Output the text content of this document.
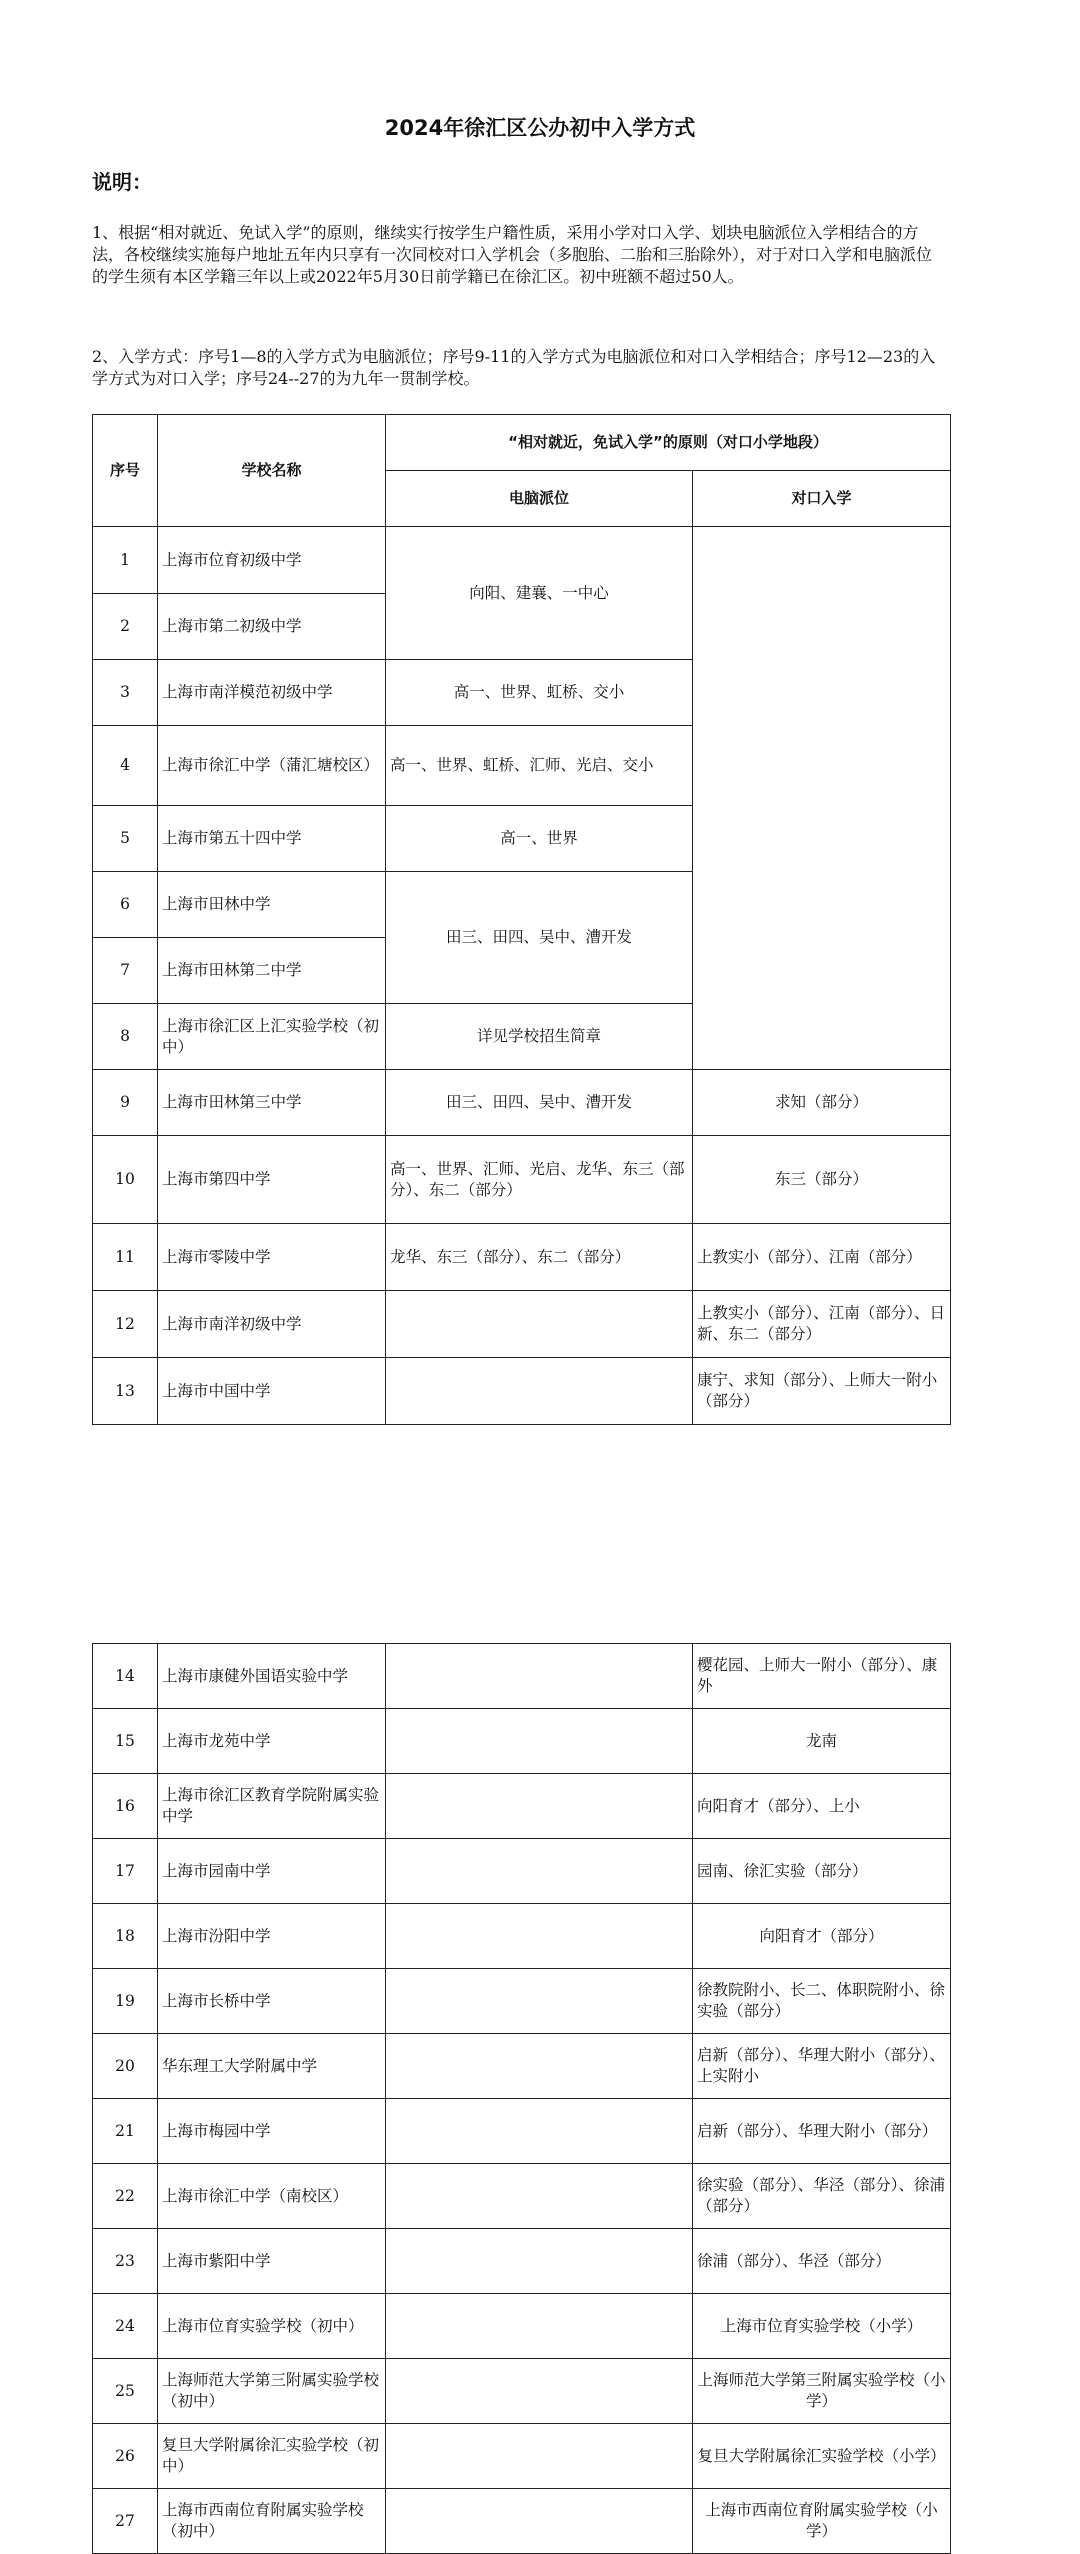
2024年徐汇区公办初中入学方式
说明：
1、根据“相对就近、免试入学”的原则，继续实行按学生户籍性质，采用小学对口入学、划块电脑派位入学相结合的方法，各校继续实施每户地址五年内只享有一次同校对口入学机会（多胞胎、二胎和三胎除外），对于对口入学和电脑派位的学生须有本区学籍三年以上或2022年5月30日前学籍已在徐汇区。初中班额不超过50人。
2、入学方式：序号1—8的入学方式为电脑派位；序号9-11的入学方式为电脑派位和对口入学相结合；序号12—23的入学方式为对口入学；序号24--27的为九年一贯制学校。
序号	学校名称	“相对就近，免试入学”的原则（对口小学地段）	
		电脑派位	对口入学
1	上海市位育初级中学	向阳、建襄、一中心	
2	上海市第二初级中学		
3	上海市南洋模范初级中学	高一、世界、虹桥、交小	
4	上海市徐汇中学（蒲汇塘校区）	高一、世界、虹桥、汇师、光启、交小	
5	上海市第五十四中学	高一、世界	
6	上海市田林中学	田三、田四、吴中、漕开发	
7	上海市田林第二中学		
8	上海市徐汇区上汇实验学校（初中）	详见学校招生简章	
9	上海市田林第三中学	田三、田四、吴中、漕开发	求知（部分）
10	上海市第四中学	高一、世界、汇师、光启、龙华、东三（部分）、东二（部分）	东三（部分）
11	上海市零陵中学	龙华、东三（部分）、东二（部分）	上教实小（部分）、江南（部分）
12	上海市南洋初级中学		上教实小（部分）、江南（部分）、日新、东二（部分）
13	上海市中国中学		康宁、求知（部分）、上师大一附小（部分）
14	上海市康健外国语实验中学		樱花园、上师大一附小（部分）、康外
15	上海市龙苑中学		龙南
16	上海市徐汇区教育学院附属实验中学		向阳育才（部分）、上小
17	上海市园南中学		园南、徐汇实验（部分）
18	上海市汾阳中学		向阳育才（部分）
19	上海市长桥中学		徐教院附小、长二、体职院附小、徐实验（部分）
20	华东理工大学附属中学		启新（部分）、华理大附小（部分）、上实附小
21	上海市梅园中学		启新（部分）、华理大附小（部分）
22	上海市徐汇中学（南校区）		徐实验（部分）、华泾（部分）、徐浦（部分）
23	上海市紫阳中学		徐浦（部分）、华泾（部分）
24	上海市位育实验学校（初中）		上海市位育实验学校（小学）
25	上海师范大学第三附属实验学校（初中）		上海师范大学第三附属实验学校（小学）
26	复旦大学附属徐汇实验学校（初中）		复旦大学附属徐汇实验学校（小学）
27	上海市西南位育附属实验学校（初中）		上海市西南位育附属实验学校（小学）
